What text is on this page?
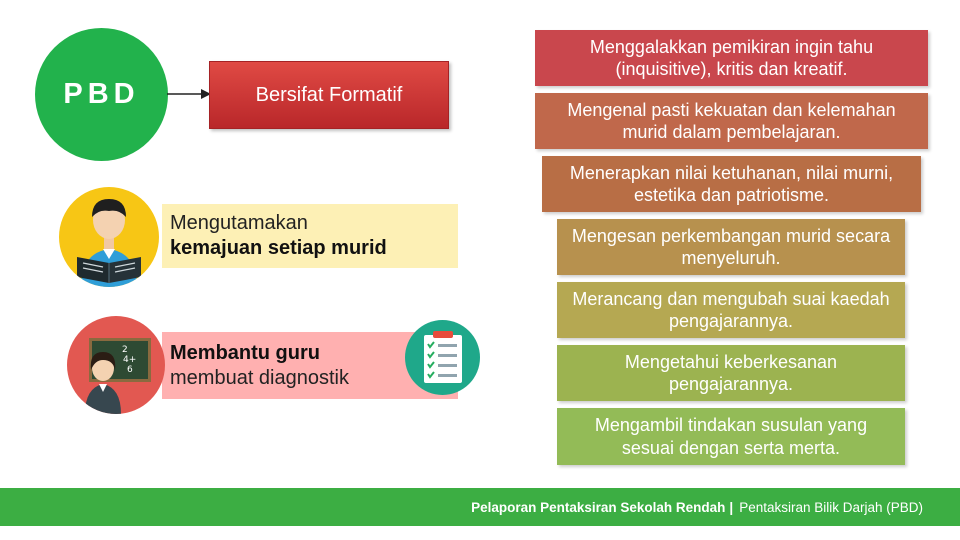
PBD	Bersifat Formatif
Mengutamakan
kemajuan setiap murid
Membantu guru
membuat diagnostik
2
4+
6
Menggalakkan pemikiran ingin tahu (inquisitive), kritis dan kreatif.
Mengenal pasti kekuatan dan kelemahan murid dalam pembelajaran.
Menerapkan nilai ketuhanan, nilai murni, estetika dan patriotisme.
Mengesan perkembangan murid secara menyeluruh.
Merancang dan mengubah suai kaedah pengajarannya.
Mengetahui keberkesanan pengajarannya.
Mengambil tindakan susulan yang sesuai dengan serta merta.
Pelaporan Pentaksiran Sekolah Rendah | Pentaksiran Bilik Darjah (PBD)
